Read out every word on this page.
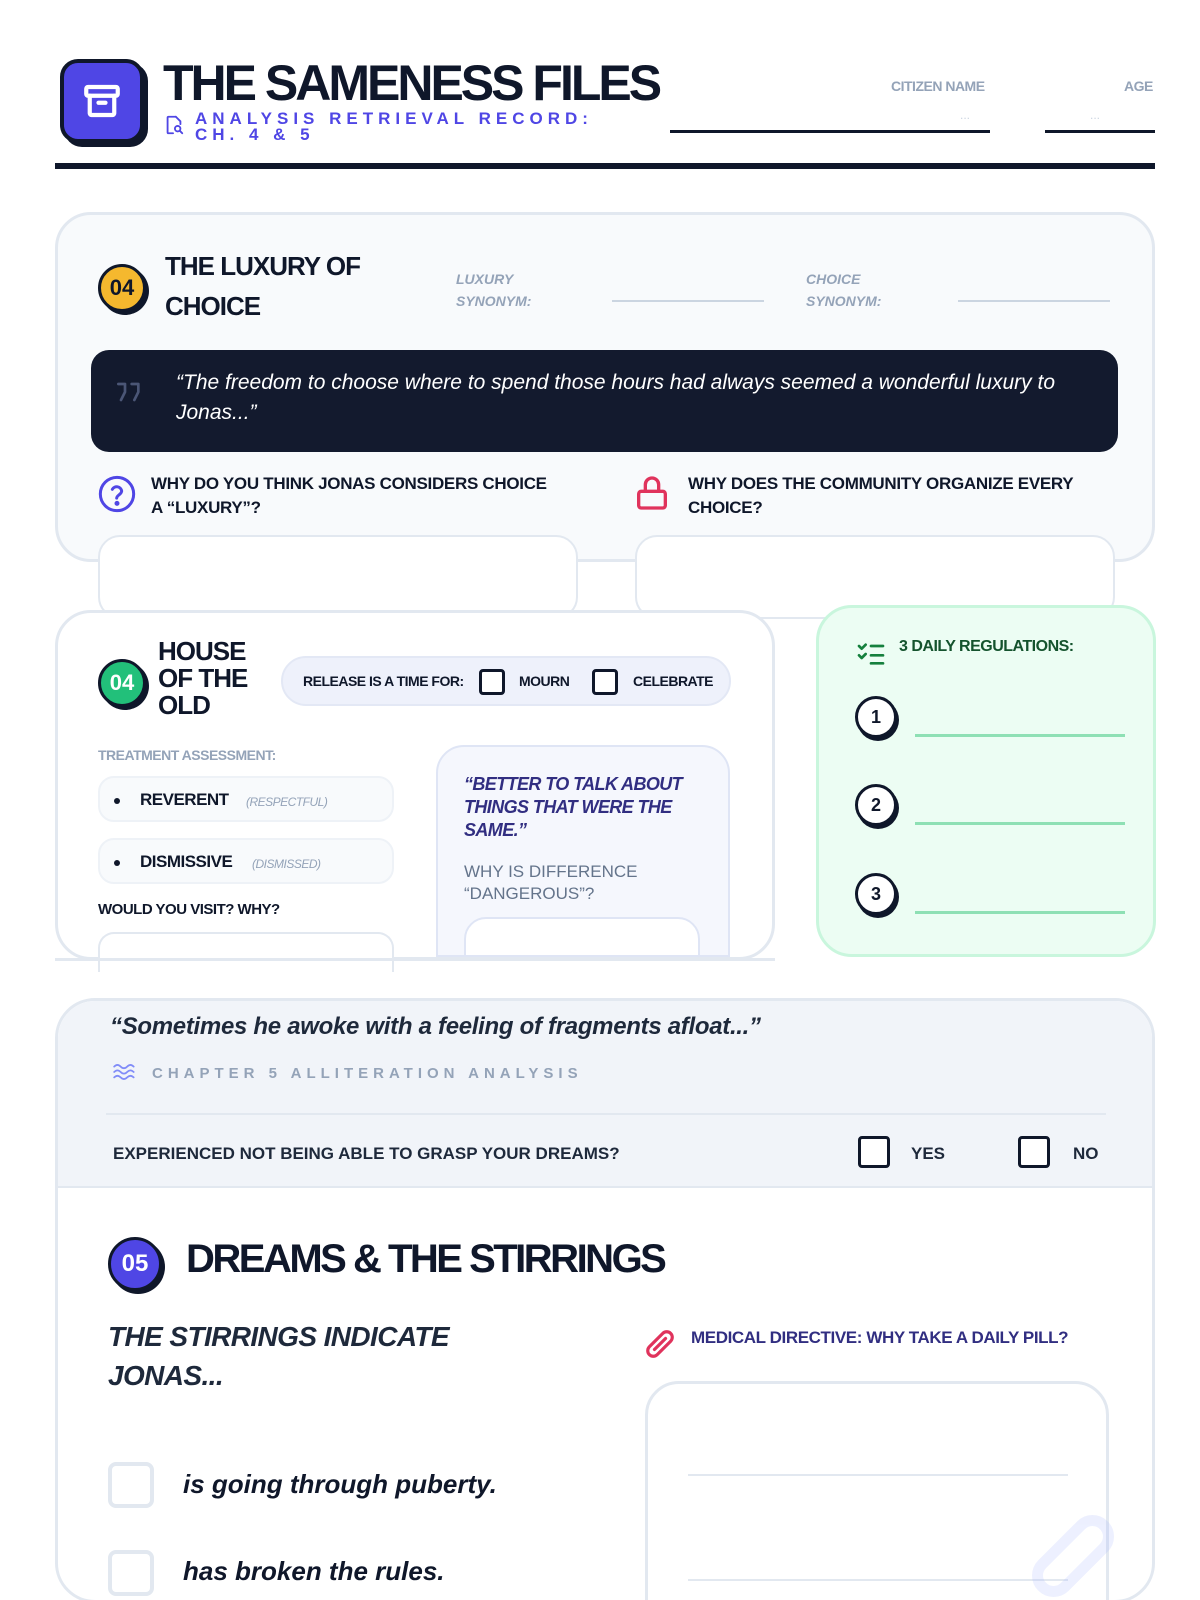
THE SAMENESS FILES
ANALYSIS RETRIEVAL RECORD: CH. 4 & 5
CITIZEN NAME
...
AGE
...
04
THE LUXURY OF CHOICE
LUXURY SYNONYM:
CHOICE SYNONYM:
“The freedom to choose where to spend those hours had always seemed a wonderful luxury to Jonas...”
WHY DO YOU THINK JONAS CONSIDERS CHOICE A “LUXURY”?
WHY DOES THE COMMUNITY ORGANIZE EVERY CHOICE?
04
HOUSE OF THE OLD
RELEASE IS A TIME FOR:	MOURN	CELEBRATE
TREATMENT ASSESSMENT:
REVERENT (RESPECTFUL)
DISMISSIVE (DISMISSED)
WOULD YOU VISIT? WHY?
“BETTER TO TALK ABOUT THINGS THAT WERE THE SAME.”
WHY IS DIFFERENCE “DANGEROUS”?
3 DAILY REGULATIONS:
1
2
3
“Sometimes he awoke with a feeling of fragments afloat...”
CHAPTER 5 ALLITERATION ANALYSIS
EXPERIENCED NOT BEING ABLE TO GRASP YOUR DREAMS?	YES	NO
05 DREAMS & THE STIRRINGS
THE STIRRINGS INDICATE JONAS...
is going through puberty.
has broken the rules.
MEDICAL DIRECTIVE: WHY TAKE A DAILY PILL?
